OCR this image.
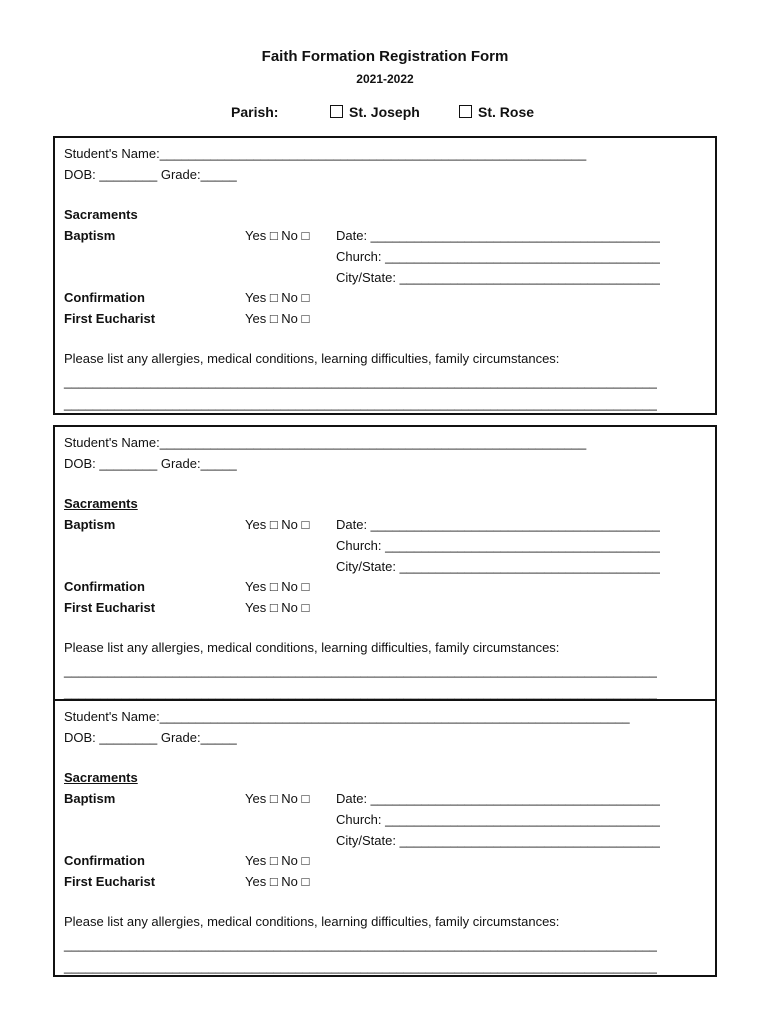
Faith Formation Registration Form
2021-2022
Parish:	St. Joseph	St. Rose
Student's Name:___________________________________________________________
DOB: ________ Grade:_____
Sacraments
Baptism	Yes □ No □ Date: ________________________________________
Church: ______________________________________
City/State: ____________________________________
Confirmation	Yes □ No □
First Eucharist	Yes □ No □
Please list any allergies, medical conditions, learning difficulties, family circumstances:
__________________________________________________________________________________
__________________________________________________________________________________
Student's Name:___________________________________________________________
DOB: ________ Grade:_____
Sacraments
Baptism	Yes □ No □ Date: ________________________________________
Church: ______________________________________
City/State: ____________________________________
Confirmation	Yes □ No □
First Eucharist	Yes □ No □
Please list any allergies, medical conditions, learning difficulties, family circumstances:
__________________________________________________________________________________
__________________________________________________________________________________
Student's Name:_________________________________________________________________
DOB: ________ Grade:_____
Sacraments
Baptism	Yes □ No □ Date: ________________________________________
Church: ______________________________________
City/State: ____________________________________
Confirmation	Yes □ No □
First Eucharist	Yes □ No □
Please list any allergies, medical conditions, learning difficulties, family circumstances:
__________________________________________________________________________________
__________________________________________________________________________________
